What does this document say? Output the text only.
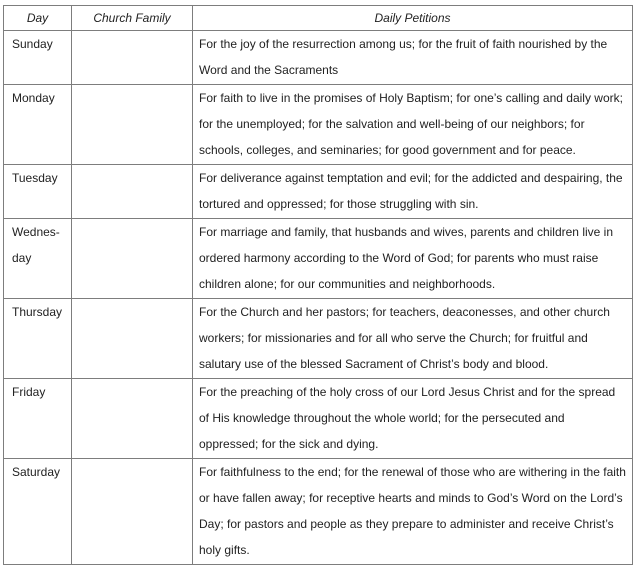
Day	Church Family	Daily Petitions
Sunday		For the joy of the resurrection among us; for the fruit of faith nourished by the Word and the Sacraments
Monday		For faith to live in the promises of Holy Baptism; for one’s calling and daily work; for the unemployed; for the salvation and well-being of our neighbors; for schools, colleges, and seminaries; for good government and for peace.
Tuesday		For deliverance against temptation and evil; for the addicted and despairing, the tortured and oppressed; for those struggling with sin.

Wednes-day		For marriage and family, that husbands and wives, parents and children live in ordered harmony according to the Word of God; for parents who must raise children alone; for our communities and neighborhoods.
Thursday		For the Church and her pastors; for teachers, deaconesses, and other church workers; for missionaries and for all who serve the Church; for fruitful and salutary use of the blessed Sacrament of Christ’s body and blood.
Friday		For the preaching of the holy cross of our Lord Jesus Christ and for the spread of His knowledge throughout the whole world; for the persecuted and oppressed; for the sick and dying.
Saturday		For faithfulness to the end; for the renewal of those who are withering in the faith or have fallen away; for receptive hearts and minds to God’s Word on the Lord’s Day; for pastors and people as they prepare to administer and receive Christ’s holy gifts.
